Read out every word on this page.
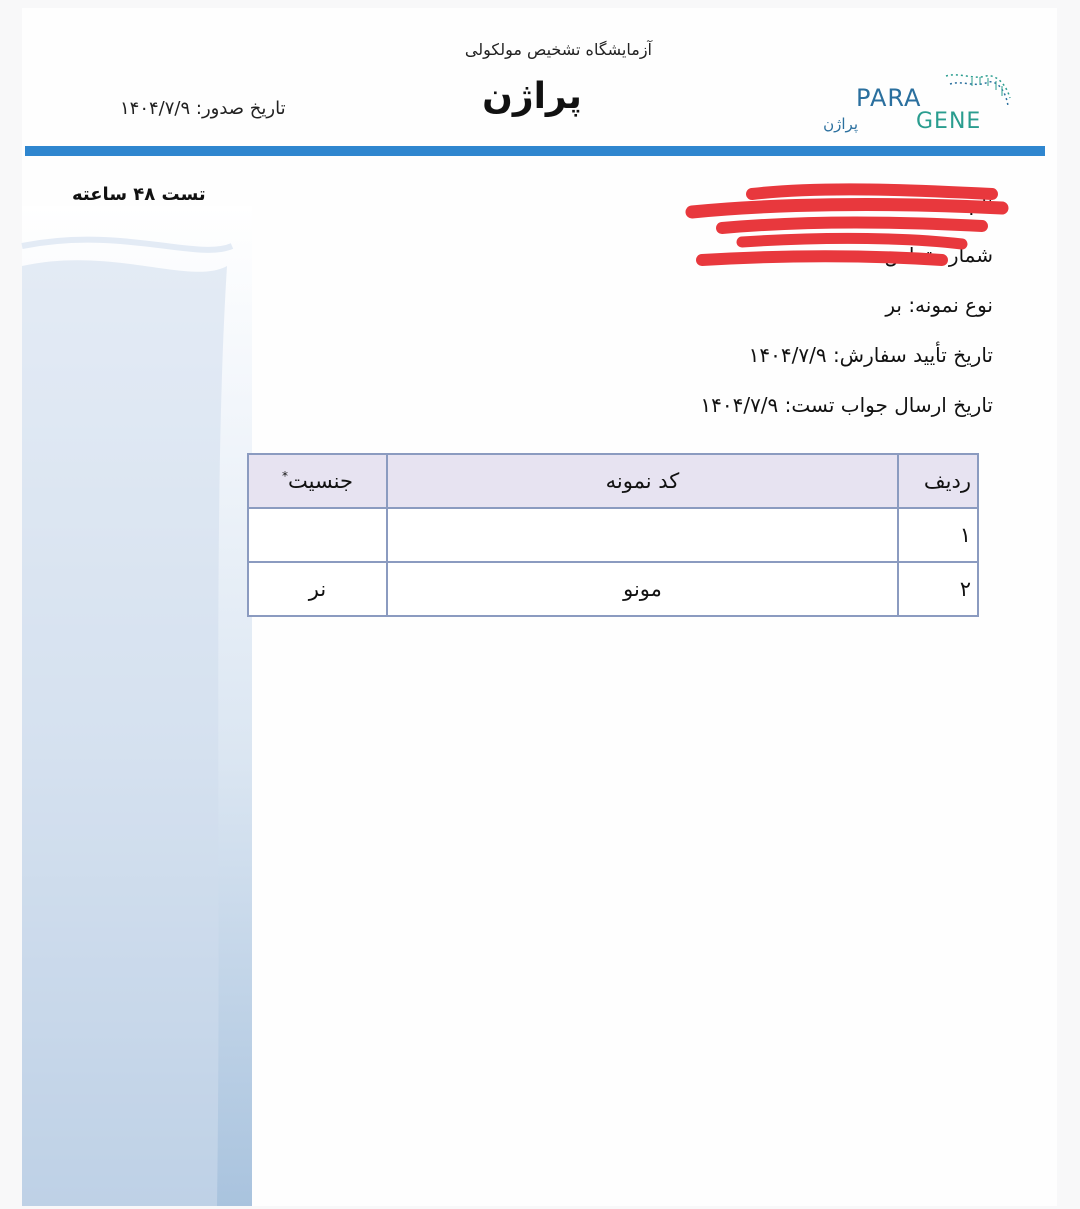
آزمایشگاه تشخیص مولکولی
پراژن
تاریخ صدور: ۱۴۰۴/۷/۹	PARA
GENE
پراژن
تست ۴۸ ساعته	نام
شماره تماس
نوع نمونه: بر
تاریخ تأیید سفارش: ۱۴۰۴/۷/۹
تاریخ ارسال جواب تست: ۱۴۰۴/۷/۹
ردیف	کد نمونه	جنسیت*
۱		
۲	مونو	نر
